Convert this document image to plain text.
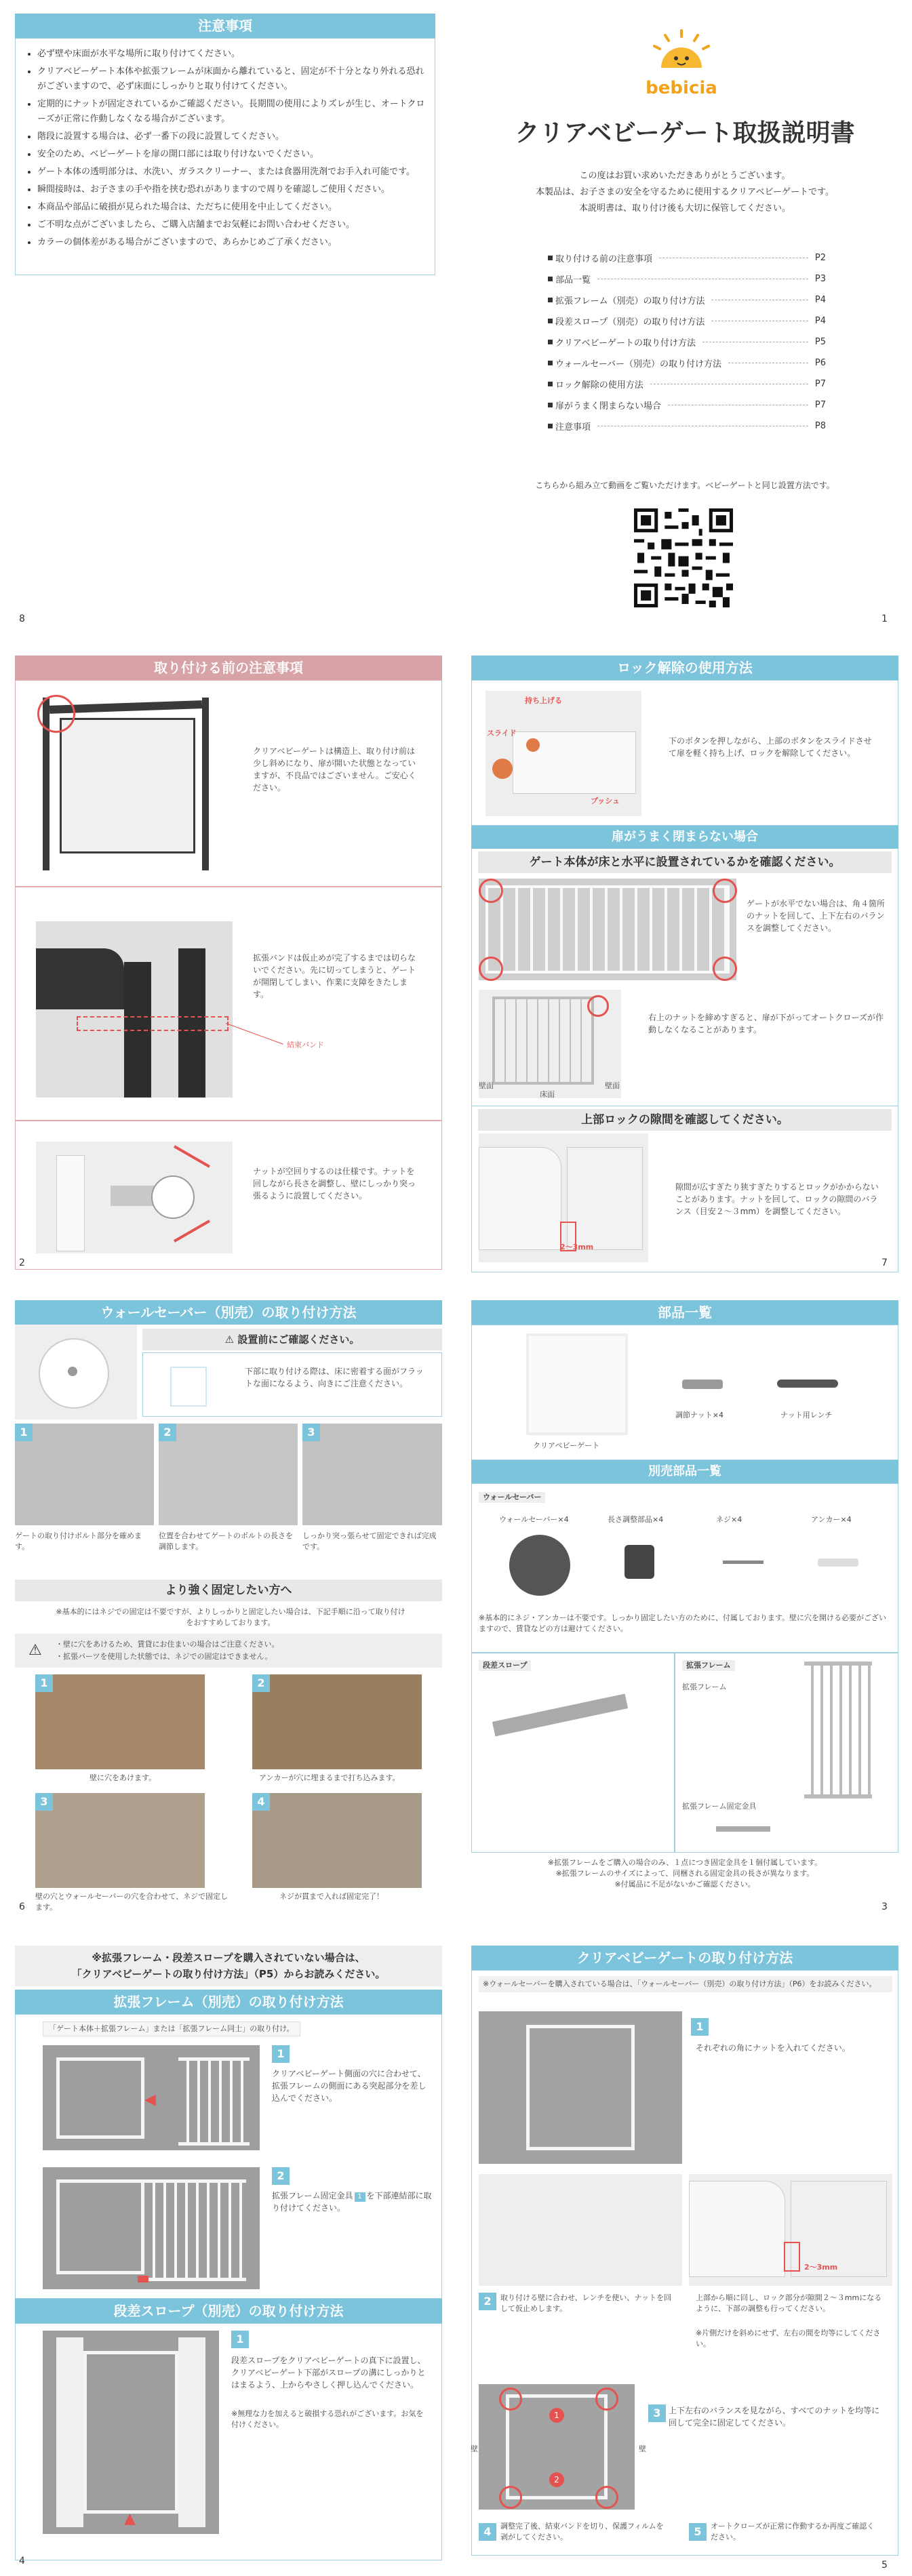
注意事項
• 必ず壁や床面が水平な場所に取り付けてください。
• クリアベビーゲート本体や拡張フレームが床面から離れていると、固定が不十分となり外れる恐れがございますので、必ず床面にしっかりと取り付けてください。
• 定期的にナットが固定されているかご確認ください。長期間の使用によりズレが生じ、オートクローズが正常に作動しなくなる場合がございます。
• 階段に設置する場合は、必ず一番下の段に設置してください。
• 安全のため、ベビーゲートを扉の開口部には取り付けないでください。
• ゲート本体の透明部分は、水洗い、ガラスクリーナー、または食器用洗剤でお手入れ可能です。
• 瞬間接時は、お子さまの手や指を挟む恐れがありますので周りを確認しご使用ください。
• 本商品や部品に破損が見られた場合は、ただちに使用を中止してください。
• ご不明な点がございましたら、ご購入店舗までお気軽にお問い合わせください。
• カラーの個体差がある場合がございますので、あらかじめご了承ください。
8
bebicia
クリアベビーゲート取扱説明書
この度はお買い求めいただきありがとうございます。
本製品は、お子さまの安全を守るために使用するクリアベビーゲートです。
本説明書は、取り付け後も大切に保管してください。
取り付ける前の注意事項	P2
部品一覧	P3
拡張フレーム（別売）の取り付け方法	P4
段差スロープ（別売）の取り付け方法	P4
クリアベビーゲートの取り付け方法	P5
ウォールセーバー（別売）の取り付け方法	P6
ロック解除の使用方法	P7
扉がうまく閉まらない場合	P7
注意事項	P8
こちらから組み立て動画をご覧いただけます。ベビーゲートと同じ設置方法です。
1
取り付ける前の注意事項
クリアベビーゲートは構造上、取り付け前は少し斜めになり、扉が開いた状態となっていますが、不良品ではございません。ご安心ください。
拡張バンドは仮止めが完了するまでは切らないでください。先に切ってしまうと、ゲートが開閉してしまい、作業に支障をきたします。
結束バンド
ナットが空回りするのは仕様です。ナットを回しながら長さを調整し、壁にしっかり突っ張るように設置してください。
2
ロック解除の使用方法
持ち上げる
スライド
プッシュ
下のボタンを押しながら、上部のボタンをスライドさせて扉を軽く持ち上げ、ロックを解除してください。
扉がうまく閉まらない場合
ゲート本体が床と水平に設置されているかを確認ください。
ゲートが水平でない場合は、角４箇所のナットを回して、上下左右のバランスを調整してください。
壁面	壁面
床面
右上のナットを締めすぎると、扉が下がってオートクローズが作動しなくなることがあります。
上部ロックの隙間を確認してください。
2〜3mm
隙間が広すぎたり狭すぎたりするとロックがかからないことがあります。ナットを回して、ロックの隙間のバランス（目安２〜３mm）を調整してください。
7
ウォールセーバー（別売）の取り付け方法
⚠ 設置前にご確認ください。
下部に取り付ける際は、床に密着する面がフラットな面になるよう、向きにご注意ください。
1	2	3
ゲートの取り付けボルト部分を確めます。
位置を合わせてゲートのボルトの長さを調節します。
しっかり突っ張らせて固定できれば完成です。
より強く固定したい方へ
※基本的にはネジでの固定は不要ですが、よりしっかりと固定したい場合は、下記手順に沿って取り付けをおすすめしております。
⚠ ・壁に穴をあけるため、賃貸にお住まいの場合はご注意ください。
・拡張パーツを使用した状態では、ネジでの固定はできません。
1
壁に穴をあけます。
2
アンカーが穴に埋まるまで打ち込みます。
3
壁の穴とウォールセーバーの穴を合わせて、ネジで固定します。
4
ネジが貫まで入れば固定完了！
6
部品一覧
クリアベビーゲート
調節ナット×4	ナット用レンチ
別売部品一覧
ウォールセーバー
ウォールセーバー×4	長さ調整部品×4	ネジ×4	アンカー×4
※基本的にネジ・アンカーは不要です。しっかり固定したい方のために、付属しております。壁に穴を開ける必要がございますので、賃貸などの方は避けてください。
段差スロープ	拡張フレーム
拡張フレーム
拡張フレーム固定金具
※拡張フレームをご購入の場合のみ、１点につき固定金具を１個付属しています。
※拡張フレームのサイズによって、同梱される固定金具の長さが異なります。
※付属品に不足がないかご確認ください。
3
※拡張フレーム・段差スロープを購入されていない場合は、
「クリアベビーゲートの取り付け方法」（P5）からお読みください。
拡張フレーム（別売）の取り付け方法
「ゲート本体＋拡張フレーム」または「拡張フレーム同士」の取り付け。
◀
1
クリアベビーゲート側面の穴に合わせて、拡張フレームの側面にある突起部分を差し込んでください。
2
拡張フレーム固定金具 1 を下部連結部に取り付けてください。
段差スロープ（別売）の取り付け方法
▲
1
段差スロープをクリアベビーゲートの真下に設置し、クリアベビーゲート下部がスロープの溝にしっかりとはまるよう、上からやさしく押し込んでください。
※無理な力を加えると破損する恐れがございます。お気を付けください。
4
クリアベビーゲートの取り付け方法
※ウォールセーバーを購入されている場合は、「ウォールセーバー（別売）の取り付け方法」（P6）をお読みください。
1
それぞれの角にナットを入れてください。
2〜3mm
2	取り付ける壁に合わせ、レンチを使い、ナットを回して仮止めします。
上部から順に回し、ロック部分が隙間２〜３mmになるように、下部の調整も行ってください。
※片側だけを斜めにせず、左右の間を均等にしてください。
1
2
壁	壁
3 上下左右のバランスを見ながら、すべてのナットを均等に回して完全に固定してください。
4	調整完了後、結束バンドを切り、保護フィルムを剥がしてください。	5	オートクローズが正常に作動するか再度ご確認ください。
5
